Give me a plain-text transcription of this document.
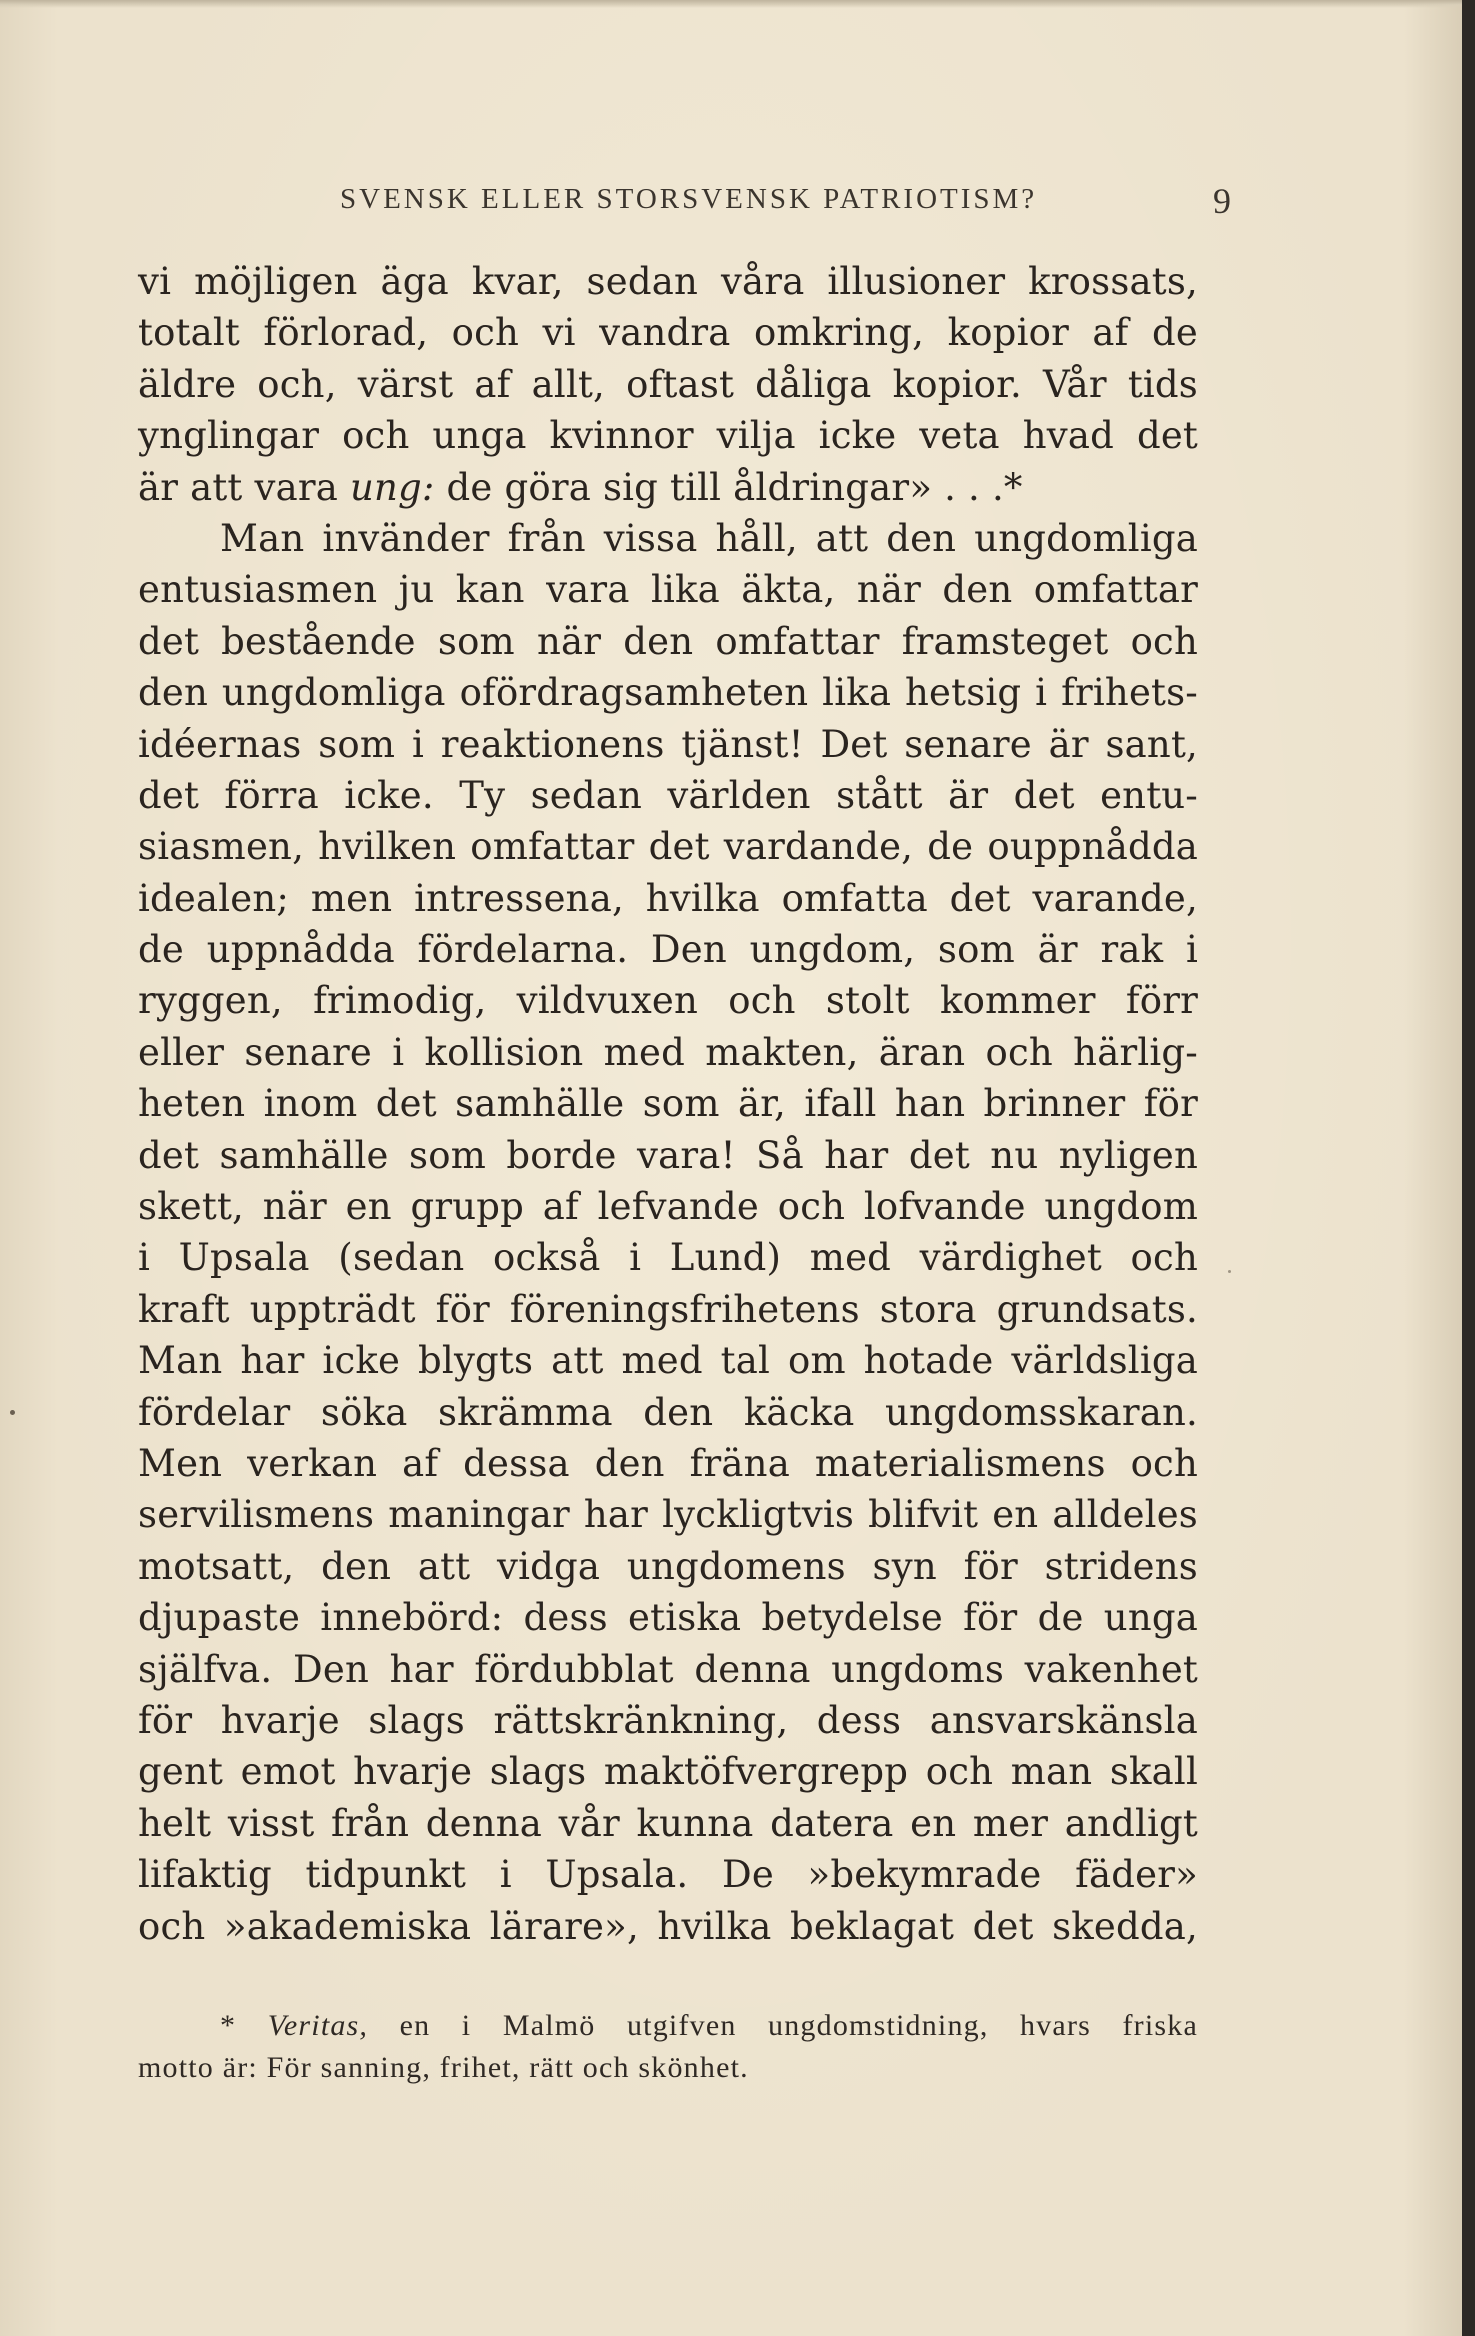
SVENSK ELLER STORSVENSK PATRIOTISM?	9
vi möjligen äga kvar, sedan våra illusioner krossats,
totalt förlorad, och vi vandra omkring, kopior af de
äldre och, värst af allt, oftast dåliga kopior. Vår tids
ynglingar och unga kvinnor vilja icke veta hvad det
är att vara ung: de göra sig till åldringar» . . .*
Man invänder från vissa håll, att den ungdomliga
entusiasmen ju kan vara lika äkta, när den omfattar
det bestående som när den omfattar framsteget och
den ungdomliga ofördragsamheten lika hetsig i frihets-
idéernas som i reaktionens tjänst! Det senare är sant,
det förra icke. Ty sedan världen stått är det entu-
siasmen, hvilken omfattar det vardande, de ouppnådda
idealen; men intressena, hvilka omfatta det varande,
de uppnådda fördelarna. Den ungdom, som är rak i
ryggen, frimodig, vildvuxen och stolt kommer förr
eller senare i kollision med makten, äran och härlig-
heten inom det samhälle som är, ifall han brinner för
det samhälle som borde vara! Så har det nu nyligen
skett, när en grupp af lefvande och lofvande ungdom
i Upsala (sedan också i Lund) med värdighet och
kraft uppträdt för föreningsfrihetens stora grundsats.
Man har icke blygts att med tal om hotade världsliga
fördelar söka skrämma den käcka ungdomsskaran.
Men verkan af dessa den fräna materialismens och
servilismens maningar har lyckligtvis blifvit en alldeles
motsatt, den att vidga ungdomens syn för stridens
djupaste innebörd: dess etiska betydelse för de unga
själfva. Den har fördubblat denna ungdoms vakenhet
för hvarje slags rättskränkning, dess ansvarskänsla
gent emot hvarje slags maktöfvergrepp och man skall
helt visst från denna vår kunna datera en mer andligt
lifaktig tidpunkt i Upsala. De »bekymrade fäder»
och »akademiska lärare», hvilka beklagat det skedda,
* Veritas, en i Malmö utgifven ungdomstidning, hvars friska
motto är: För sanning, frihet, rätt och skönhet.
